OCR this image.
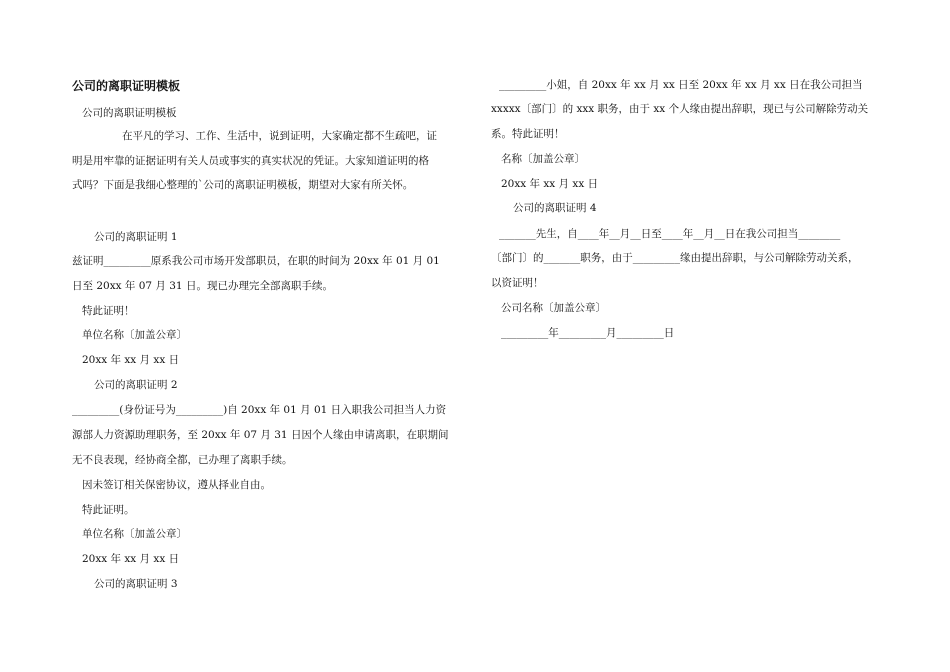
公司的离职证明模板
公司的离职证明模板
在平凡的学习、工作、生活中，说到证明，大家确定都不生疏吧，证
明是用牢靠的证据证明有关人员或事实的真实状况的凭证。大家知道证明的格
式吗？下面是我细心整理的`公司的离职证明模板，期望对大家有所关怀。
公司的离职证明 1
兹证明_________原系我公司市场开发部职员，在职的时间为 20xx 年 01 月 01
日至 20xx 年 07 月 31 日。现已办理完全部离职手续。
特此证明！
单位名称〔加盖公章〕
20xx 年 xx 月 xx 日
公司的离职证明 2
_________(身份证号为_________)自 20xx 年 01 月 01 日入职我公司担当人力资
源部人力资源助理职务，至 20xx 年 07 月 31 日因个人缘由申请离职，在职期间
无不良表现，经协商全都，已办理了离职手续。
因未签订相关保密协议，遵从择业自由。
特此证明。
单位名称〔加盖公章〕
20xx 年 xx 月 xx 日
公司的离职证明 3
_________小姐，自 20xx 年 xx 月 xx 日至 20xx 年 xx 月 xx 日在我公司担当
xxxxx〔部门〕的 xxx 职务，由于 xx 个人缘由提出辞职，现已与公司解除劳动关
系。特此证明！
名称〔加盖公章〕
20xx 年 xx 月 xx 日
公司的离职证明 4
_______先生，自____年__月__日至____年__月__日在我公司担当________
〔部门〕的_______职务，由于_________缘由提出辞职，与公司解除劳动关系，
以资证明！
公司名称〔加盖公章〕
_________年_________月_________日
